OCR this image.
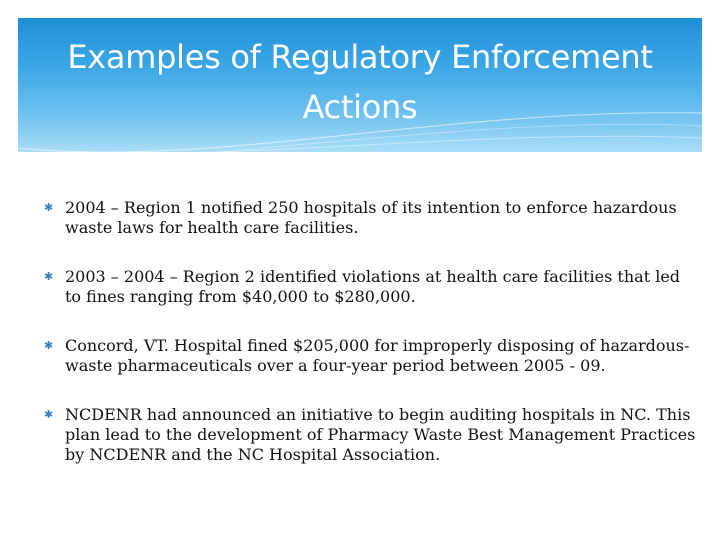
Examples of Regulatory Enforcement Actions
✱ 2004 – Region 1 notified 250 hospitals of its intention to enforce hazardous waste laws for health care facilities.
✱ 2003 – 2004 – Region 2 identified violations at health care facilities that led to fines ranging from $40,000 to $280,000.
✱ Concord, VT. Hospital fined $205,000 for improperly disposing of hazardous-waste pharmaceuticals over a four-year period between 2005 - 09.
✱ NCDENR had announced an initiative to begin auditing hospitals in NC. This plan lead to the development of Pharmacy Waste Best Management Practices by NCDENR and the NC Hospital Association.
